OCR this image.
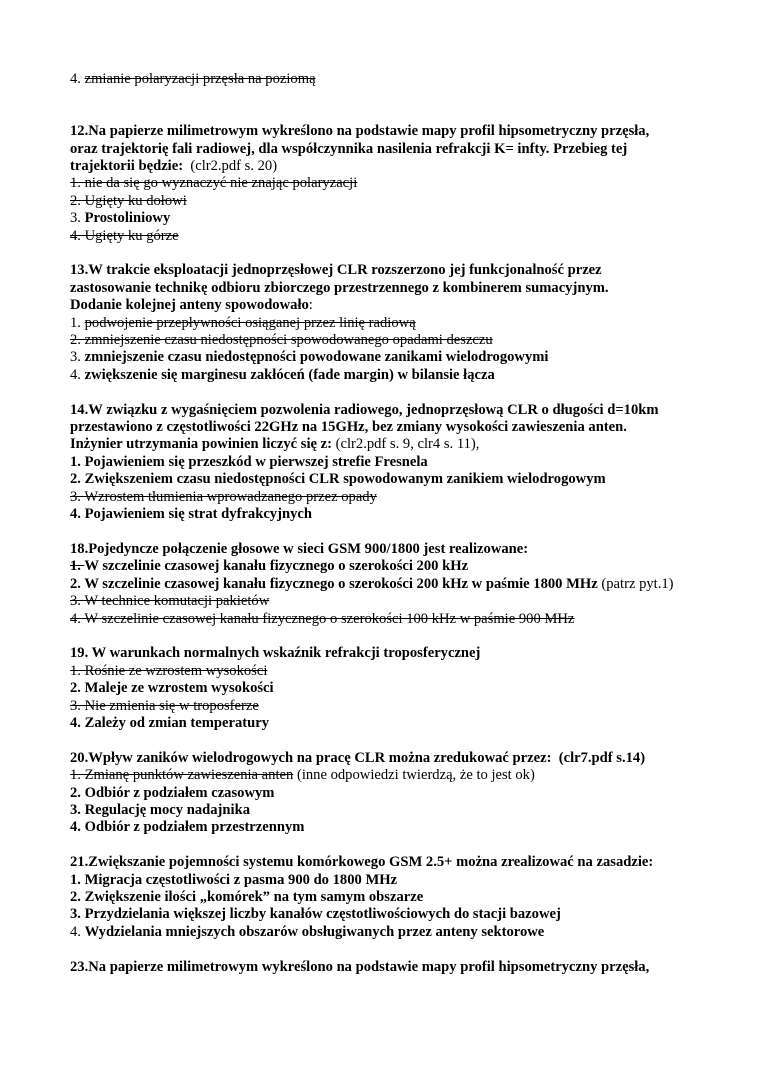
4. zmianie polaryzacji przęsła na poziomą
12.Na papierze milimetrowym wykreślono na podstawie mapy profil hipsometryczny przęsła,
oraz trajektorię fali radiowej, dla współczynnika nasilenia refrakcji K= infty. Przebieg tej
trajektorii będzie: (clr2.pdf s. 20)
1. nie da się go wyznaczyć nie znając polaryzacji
2. Ugięty ku dołowi
3. Prostoliniowy
4. Ugięty ku górze
13.W trakcie eksploatacji jednoprzęsłowej CLR rozszerzono jej funkcjonalność przez
zastosowanie technikę odbioru zbiorczego przestrzennego z kombinerem sumacyjnym.
Dodanie kolejnej anteny spowodowało:
1. podwojenie przepływności osiąganej przez linię radiową
2. zmniejszenie czasu niedostępności spowodowanego opadami deszczu
3. zmniejszenie czasu niedostępności powodowane zanikami wielodrogowymi
4. zwiększenie się marginesu zakłóceń (fade margin) w bilansie łącza
14.W związku z wygaśnięciem pozwolenia radiowego, jednoprzęsłową CLR o długości d=10km
przestawiono z częstotliwości 22GHz na 15GHz, bez zmiany wysokości zawieszenia anten.
Inżynier utrzymania powinien liczyć się z: (clr2.pdf s. 9, clr4 s. 11),
1. Pojawieniem się przeszkód w pierwszej strefie Fresnela
2. Zwiększeniem czasu niedostępności CLR spowodowanym zanikiem wielodrogowym
3. Wzrostem tłumienia wprowadzanego przez opady
4. Pojawieniem się strat dyfrakcyjnych
18.Pojedyncze połączenie głosowe w sieci GSM 900/1800 jest realizowane:
1. W szczelinie czasowej kanału fizycznego o szerokości 200 kHz
2. W szczelinie czasowej kanału fizycznego o szerokości 200 kHz w paśmie 1800 MHz (patrz pyt.1)
3. W technice komutacji pakietów
4. W szczelinie czasowej kanału fizycznego o szerokości 100 kHz w paśmie 900 MHz
19. W warunkach normalnych wskaźnik refrakcji troposferycznej
1. Rośnie ze wzrostem wysokości
2. Maleje ze wzrostem wysokości
3. Nie zmienia się w troposferze
4. Zależy od zmian temperatury
20.Wpływ zaników wielodrogowych na pracę CLR można zredukować przez: (clr7.pdf s.14)
1. Zmianę punktów zawieszenia anten (inne odpowiedzi twierdzą, że to jest ok)
2. Odbiór z podziałem czasowym
3. Regulację mocy nadajnika
4. Odbiór z podziałem przestrzennym
21.Zwiększanie pojemności systemu komórkowego GSM 2.5+ można zrealizować na zasadzie:
1. Migracja częstotliwości z pasma 900 do 1800 MHz
2. Zwiększenie ilości „komórek” na tym samym obszarze
3. Przydzielania większej liczby kanałów częstotliwościowych do stacji bazowej
4. Wydzielania mniejszych obszarów obsługiwanych przez anteny sektorowe
23.Na papierze milimetrowym wykreślono na podstawie mapy profil hipsometryczny przęsła,
